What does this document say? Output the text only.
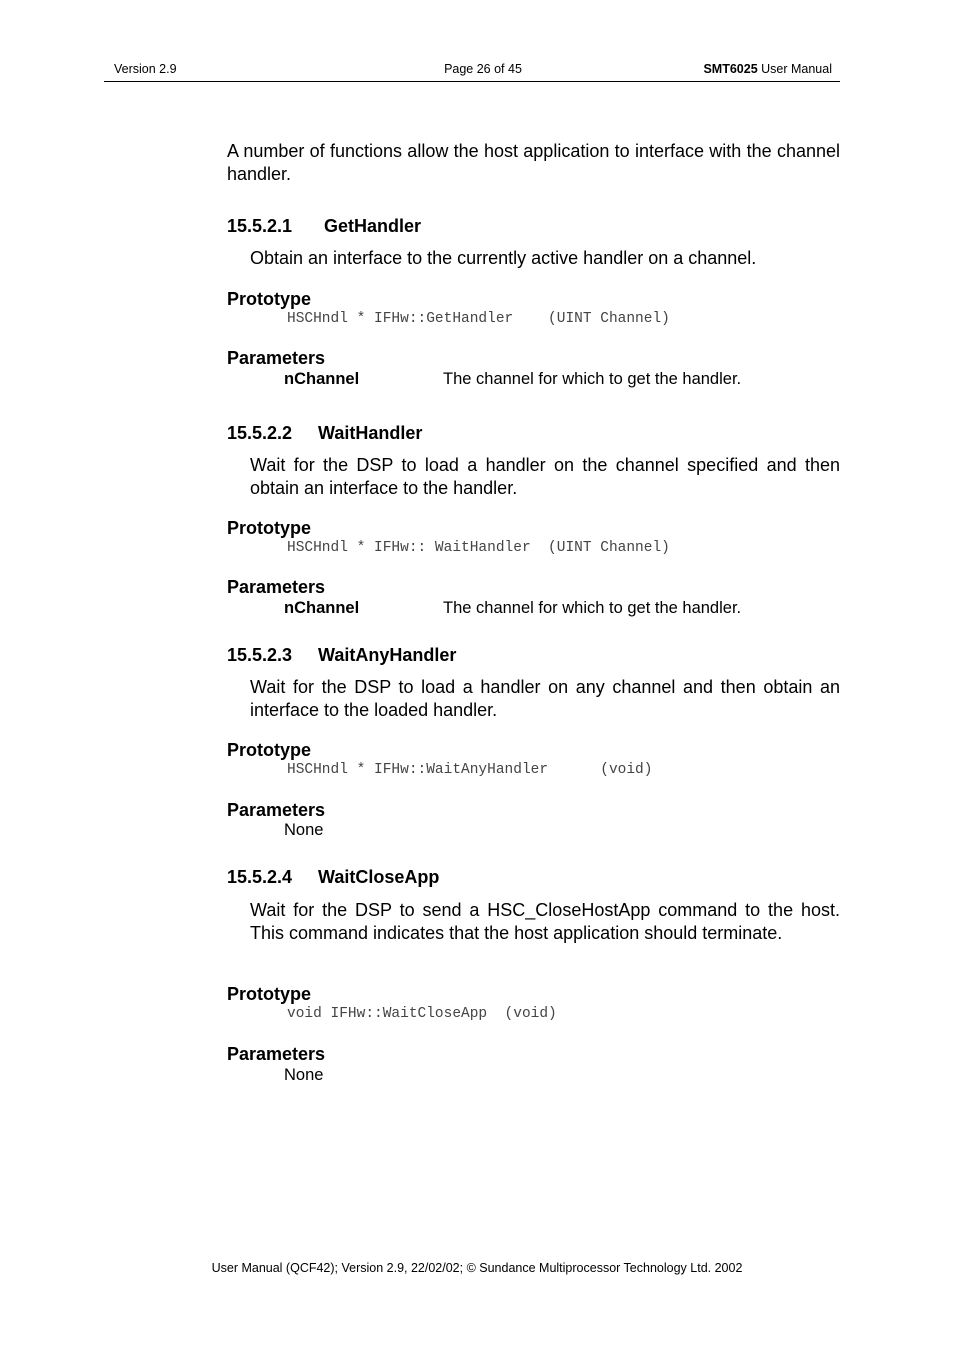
Version 2.9	Page 26 of 45	SMT6025 User Manual
A number of functions allow the host application to interface with the channel handler.
15.5.2.1 GetHandler
Obtain an interface to the currently active handler on a channel.
Prototype
HSCHndl * IFHw::GetHandler    (UINT Channel)
Parameters
nChannel	The channel for which to get the handler.
15.5.2.2 WaitHandler
Wait for the DSP to load a handler on the channel specified and then obtain an interface to the handler.
Prototype
HSCHndl * IFHw:: WaitHandler  (UINT Channel)
Parameters
nChannel	The channel for which to get the handler.
15.5.2.3 WaitAnyHandler
Wait for the DSP to load a handler on any channel and then obtain an interface to the loaded handler.
Prototype
HSCHndl * IFHw::WaitAnyHandler      (void)
Parameters
None
15.5.2.4 WaitCloseApp
Wait for the DSP to send a HSC_CloseHostApp command to the host. This command indicates that the host application should terminate.
Prototype
void IFHw::WaitCloseApp  (void)
Parameters
None
User Manual (QCF42); Version 2.9, 22/02/02; © Sundance Multiprocessor Technology Ltd. 2002
